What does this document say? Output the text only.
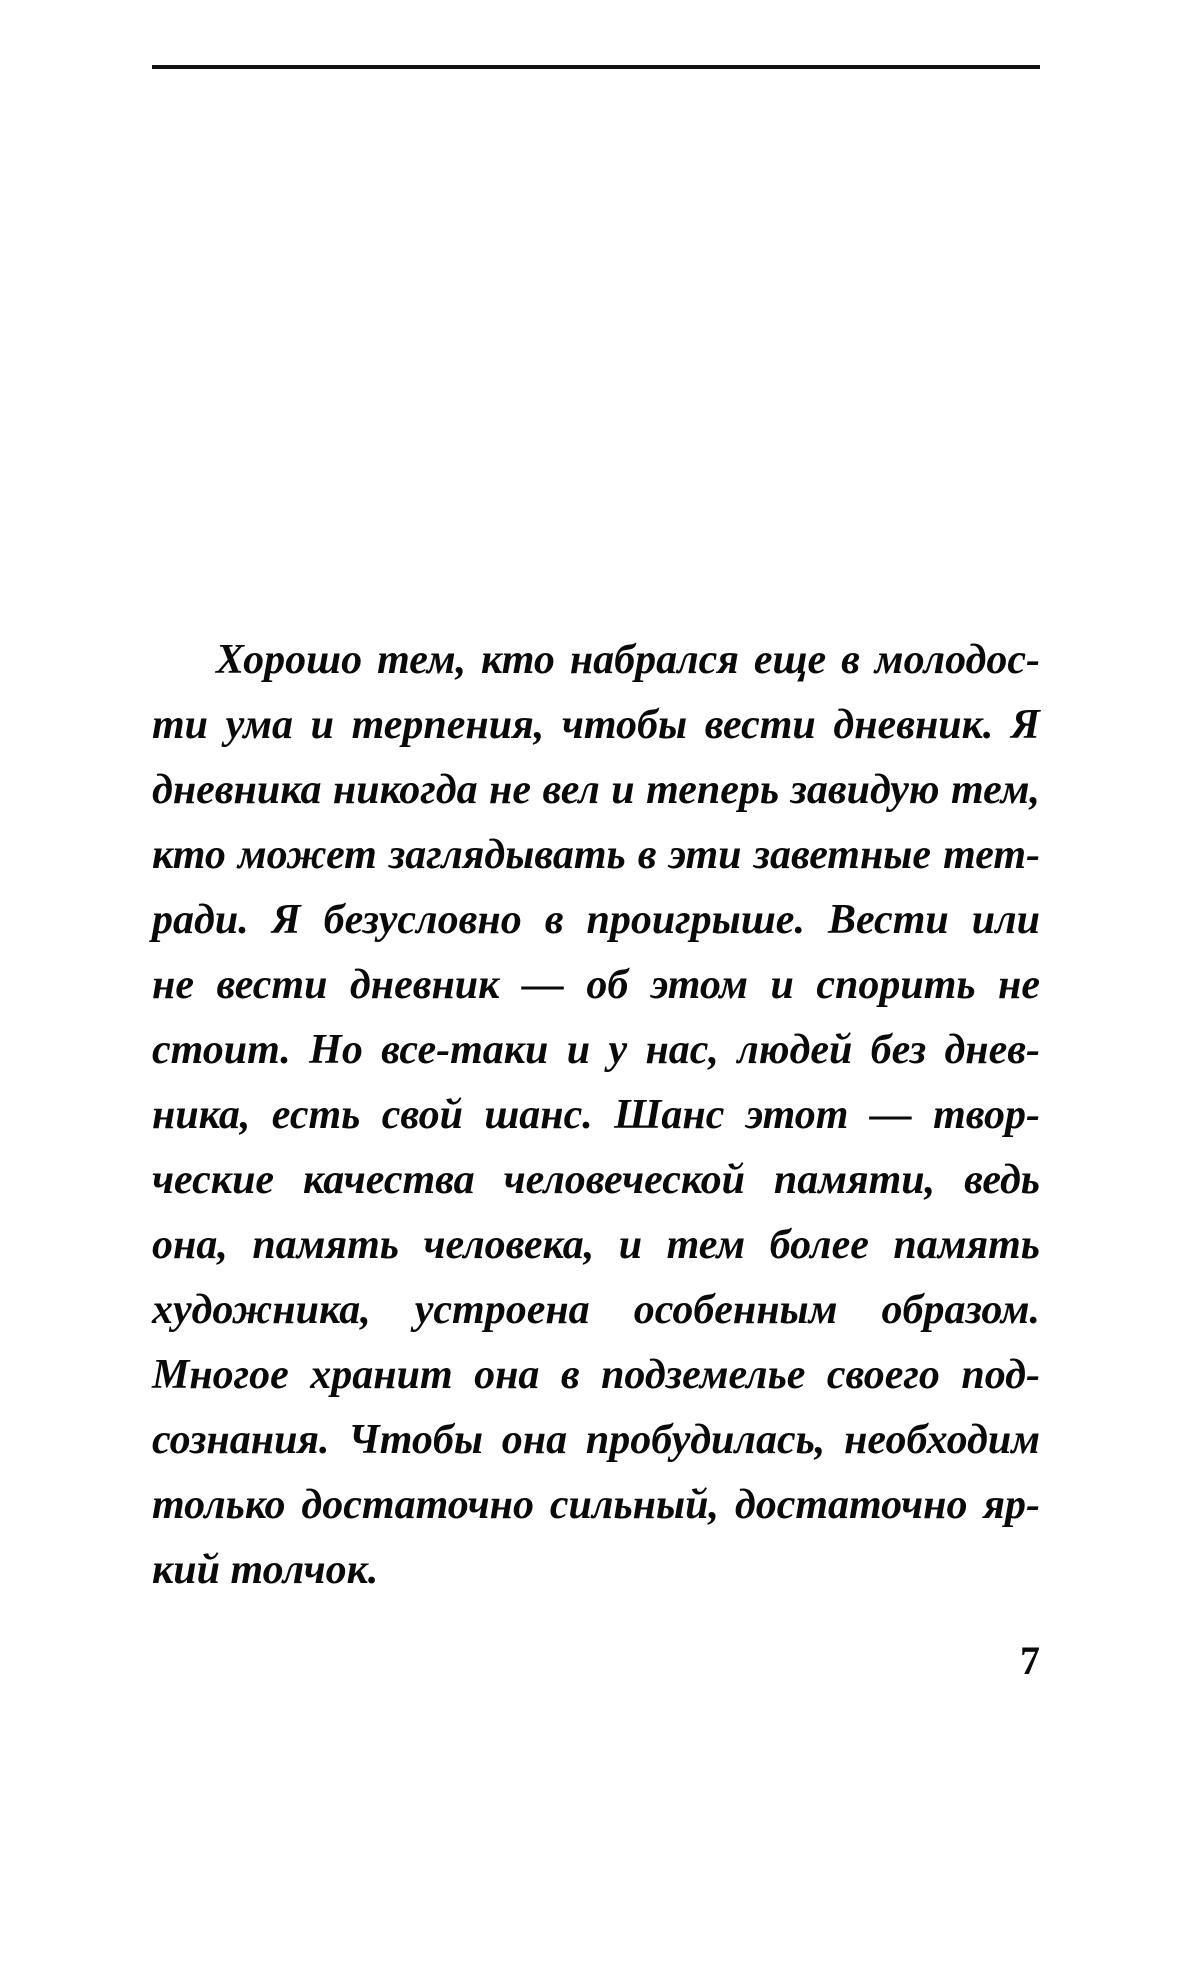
Хорошо тем, кто набрался еще в молодос-
ти ума и терпения, чтобы вести дневник. Я
дневника никогда не вел и теперь завидую тем,
кто может заглядывать в эти заветные тет-
ради. Я безусловно в проигрыше. Вести или
не вести дневник — об этом и спорить не
стоит. Но все-таки и у нас, людей без днев-
ника, есть свой шанс. Шанс этот — твор-
ческие качества человеческой памяти, ведь
она, память человека, и тем более память
художника, устроена особенным образом.
Многое хранит она в подземелье своего под-
сознания. Чтобы она пробудилась, необходим
только достаточно сильный, достаточно яр-
кий толчок.
7
